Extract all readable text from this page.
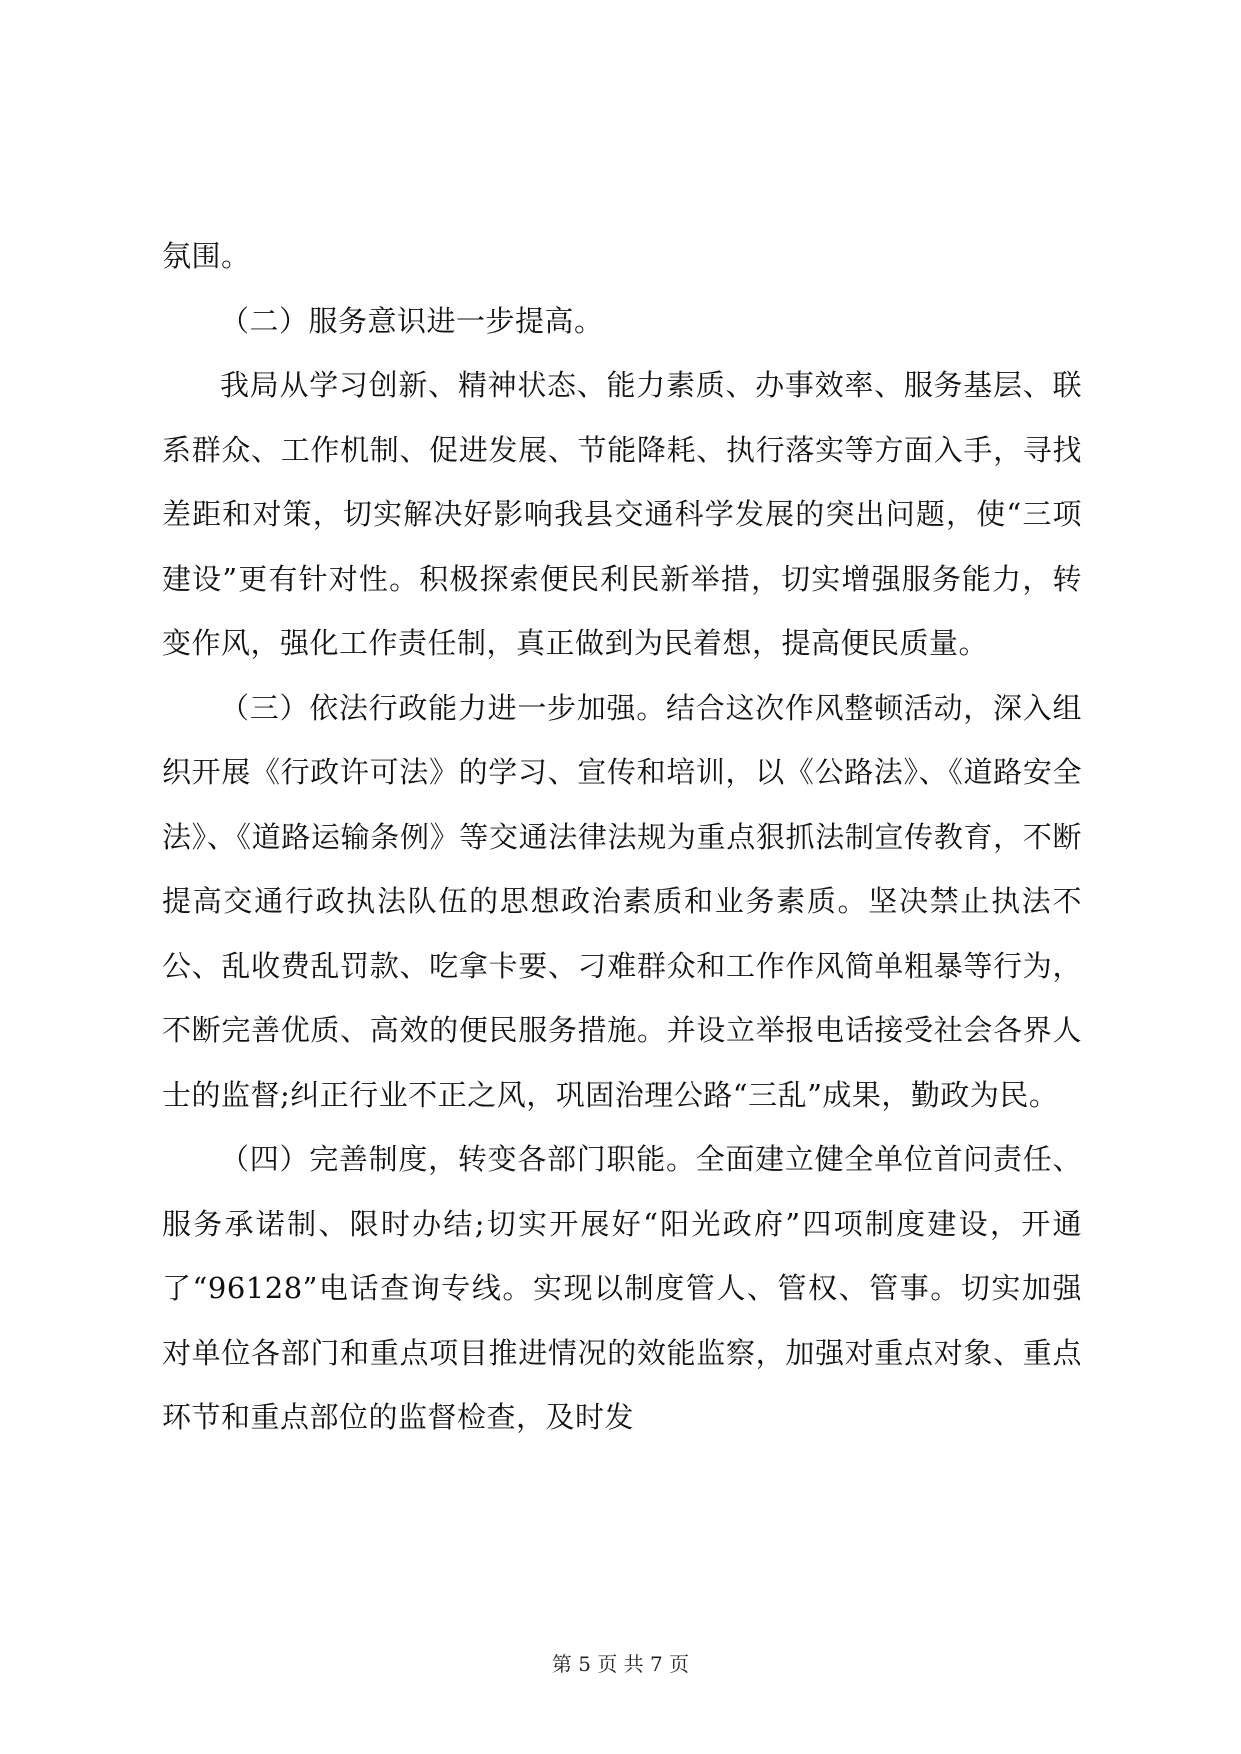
氛围。

（二）服务意识进一步提高。

我局从学习创新、精神状态、能力素质、办事效率、服务基层、联系群众、工作机制、促进发展、节能降耗、执行落实等方面入手，寻找差距和对策，切实解决好影响我县交通科学发展的突出问题，使“三项建设”更有针对性。积极探索便民利民新举措，切实增强服务能力，转变作风，强化工作责任制，真正做到为民着想，提高便民质量。

（三）依法行政能力进一步加强。结合这次作风整顿活动，深入组织开展《行政许可法》的学习、宣传和培训，以《公路法》、《道路安全法》、《道路运输条例》等交通法律法规为重点狠抓法制宣传教育，不断提高交通行政执法队伍的思想政治素质和业务素质。坚决禁止执法不公、乱收费乱罚款、吃拿卡要、刁难群众和工作作风简单粗暴等行为，不断完善优质、高效的便民服务措施。并设立举报电话接受社会各界人士的监督;纠正行业不正之风，巩固治理公路“三乱”成果，勤政为民。

（四）完善制度，转变各部门职能。全面建立健全单位首问责任、服务承诺制、限时办结;切实开展好“阳光政府”四项制度建设，开通了“96128”电话查询专线。实现以制度管人、管权、管事。切实加强对单位各部门和重点项目推进情况的效能监察，加强对重点对象、重点环节和重点部位的监督检查，及时发

第 5 页 共 7 页
